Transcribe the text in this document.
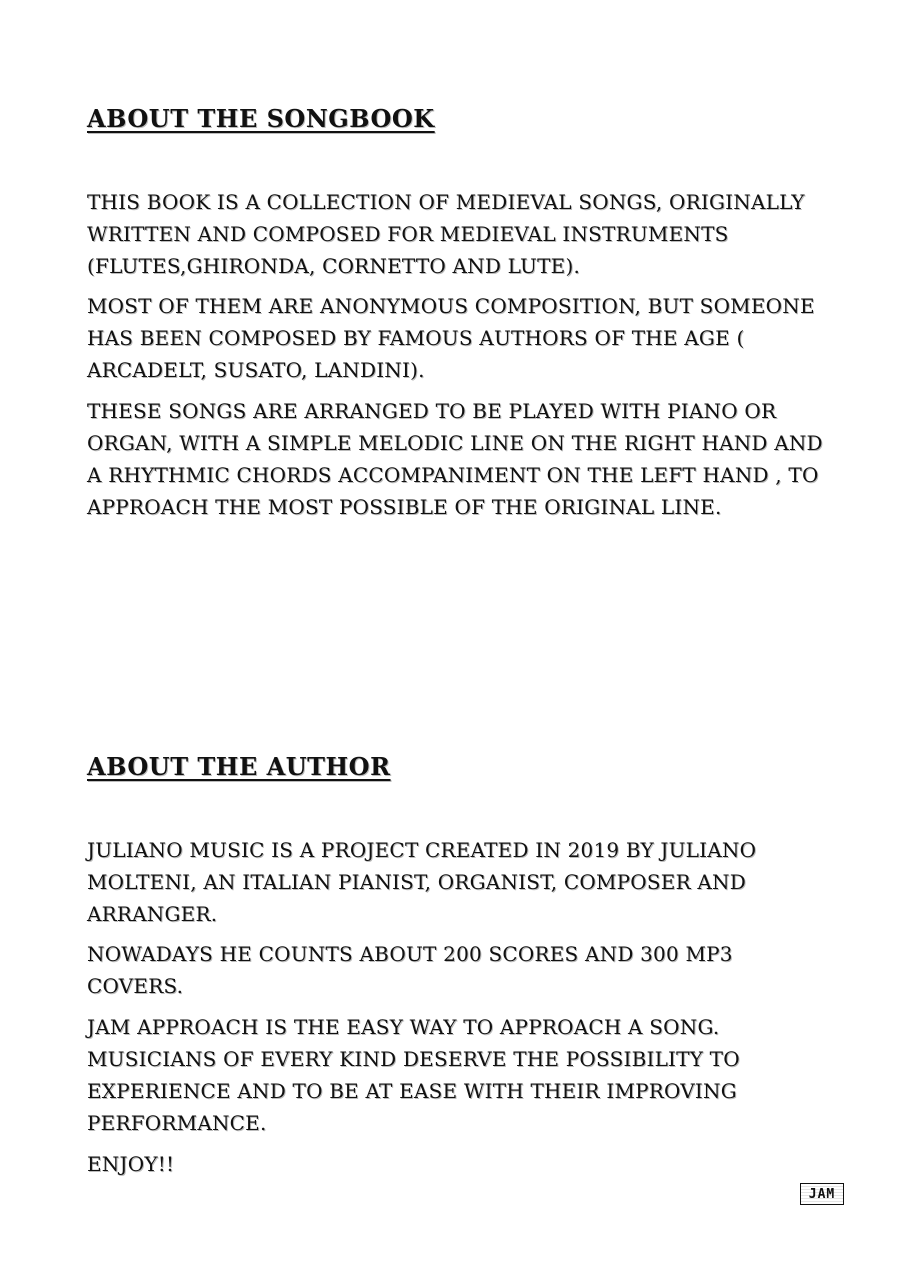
ABOUT THE SONGBOOK

THIS BOOK IS A COLLECTION OF MEDIEVAL SONGS, ORIGINALLY WRITTEN AND COMPOSED FOR MEDIEVAL INSTRUMENTS (FLUTES,GHIRONDA, CORNETTO AND LUTE).

MOST OF THEM ARE ANONYMOUS COMPOSITION, BUT SOMEONE HAS BEEN COMPOSED BY FAMOUS AUTHORS OF THE AGE ( ARCADELT, SUSATO, LANDINI).

THESE SONGS ARE ARRANGED TO BE PLAYED WITH PIANO OR ORGAN, WITH A SIMPLE MELODIC LINE ON THE RIGHT HAND AND A RHYTHMIC CHORDS ACCOMPANIMENT ON THE LEFT HAND , TO APPROACH THE MOST POSSIBLE OF THE ORIGINAL LINE.

ABOUT THE AUTHOR

JULIANO MUSIC IS A PROJECT CREATED IN 2019 BY JULIANO MOLTENI, AN ITALIAN PIANIST, ORGANIST, COMPOSER AND ARRANGER.

NOWADAYS HE COUNTS ABOUT 200 SCORES AND 300 MP3 COVERS.

JAM APPROACH IS THE EASY WAY TO APPROACH A SONG. MUSICIANS OF EVERY KIND DESERVE THE POSSIBILITY TO EXPERIENCE AND TO BE AT EASE WITH THEIR IMPROVING PERFORMANCE.

ENJOY!!

JAM
